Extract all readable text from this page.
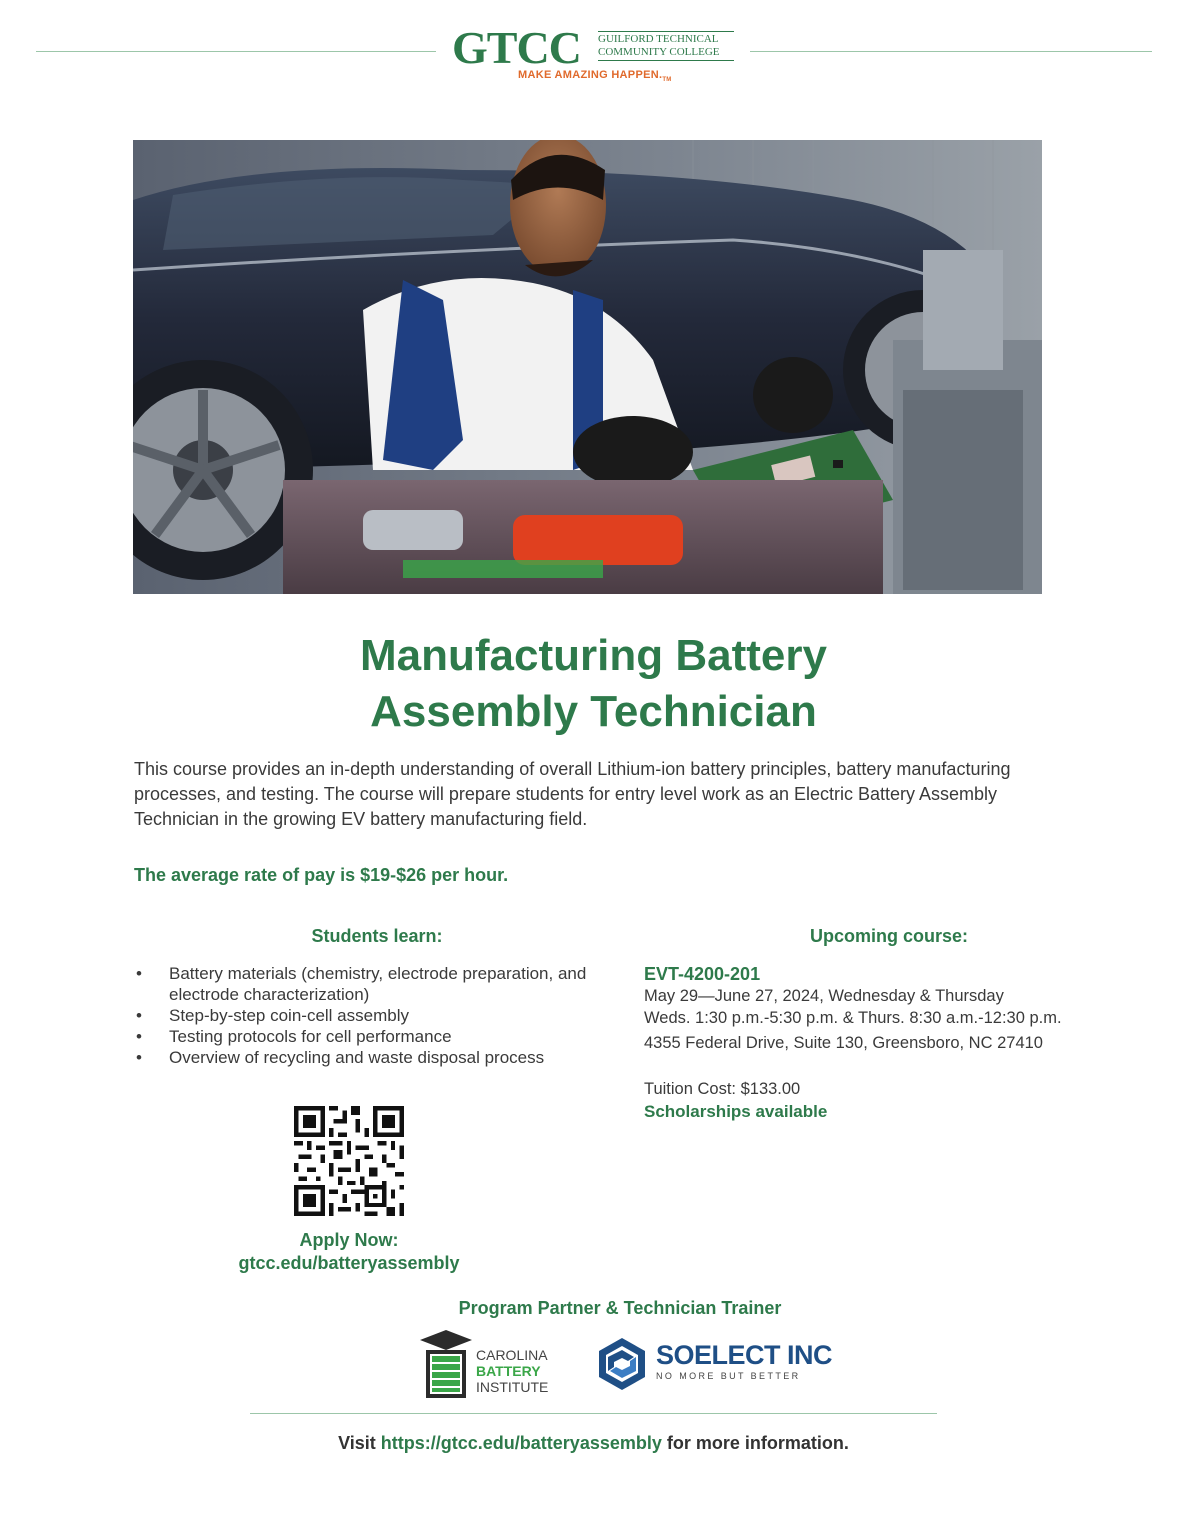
GTCC GUILFORD TECHNICAL
COMMUNITY COLLEGE
MAKE AMAZING $HAPPEN._{TM}$
Manufacturing Battery
Assembly Technician
This course provides an in-depth understanding of overall Lithium-ion battery principles, battery manufacturing processes, and testing. The course will prepare students for entry level work as an Electric Battery Assembly Technician in the growing EV battery manufacturing field.
The average rate of pay is $19-$26 per hour.
Students learn:
• Battery materials (chemistry, electrode preparation, and electrode characterization)
• Step-by-step coin-cell assembly
• Testing protocols for cell performance
• Overview of recycling and waste disposal process
Apply Now:
gtcc.edu/batteryassembly
Upcoming course:
EVT-4200-201
May 29—June 27, 2024, Wednesday & Thursday
Weds. 1:30 p.m.-5:30 p.m. & Thurs. 8:30 a.m.-12:30 p.m.
4355 Federal Drive, Suite 130, Greensboro, NC 27410
Tuition Cost: $133.00
Scholarships available
Program Partner & Technician Trainer
CAROLINA
BATTERY
INSTITUTE
SOELECT INC
NO MORE BUT BETTER
Visit https://gtcc.edu/batteryassembly for more information.
